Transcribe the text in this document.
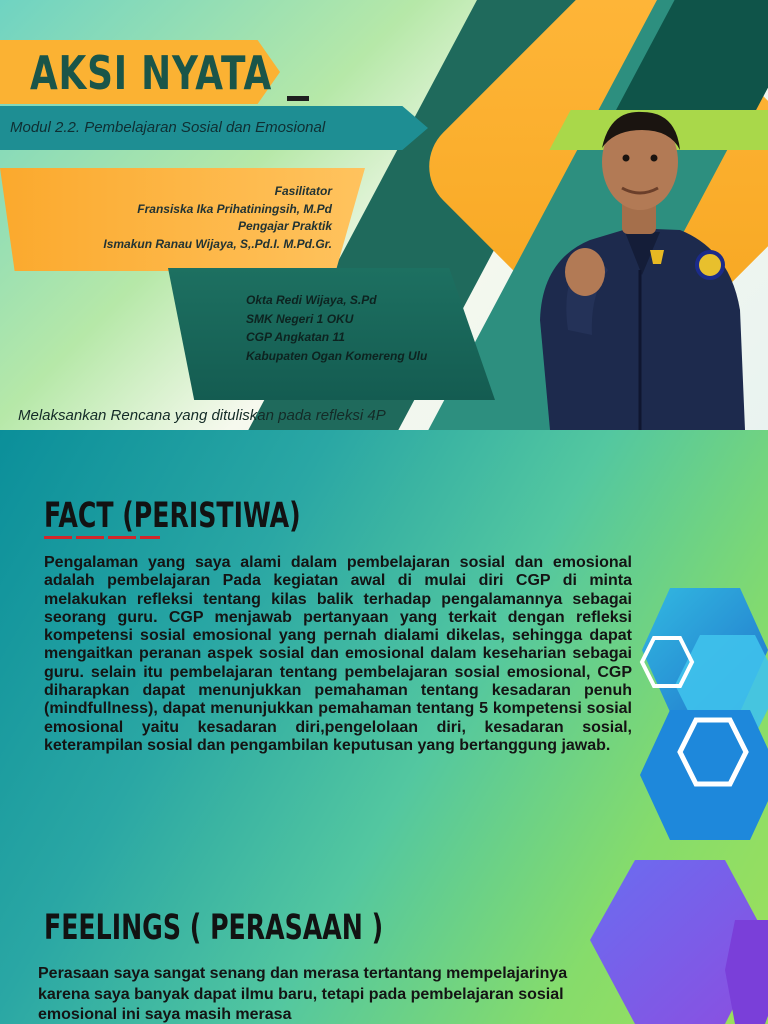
AKSI NYATA
Modul 2.2. Pembelajaran Sosial dan Emosional
Fasilitator
Fransiska Ika Prihatiningsih, M.Pd
Pengajar Praktik
Ismakun Ranau Wijaya, S,.Pd.I. M.Pd.Gr.
Okta Redi Wijaya, S.Pd
SMK Negeri 1 OKU
CGP Angkatan 11
Kabupaten Ogan Komereng Ulu
Melaksankan Rencana yang dituliskan pada refleksi 4P
FACT (PERISTIWA)
Pengalaman yang saya alami dalam pembelajaran sosial dan emosional adalah pembelajaran Pada kegiatan awal di mulai diri CGP di minta melakukan refleksi tentang kilas balik terhadap pengalamannya sebagai seorang guru. CGP menjawab pertanyaan yang terkait dengan refleksi kompetensi sosial emosional yang pernah dialami dikelas, sehingga dapat mengaitkan peranan aspek sosial dan emosional dalam keseharian sebagai guru. selain itu pembelajaran tentang pembelajaran sosial emosional, CGP diharapkan dapat menunjukkan pemahaman tentang kesadaran penuh (mindfullness), dapat menunjukkan pemahaman tentang 5 kompetensi sosial emosional yaitu kesadaran diri,pengelolaan diri, kesadaran sosial, keterampilan sosial dan pengambilan keputusan yang bertanggung jawab.
FEELINGS ( PERASAAN )
Perasaan saya sangat senang dan merasa tertantang mempelajarinya karena saya banyak dapat ilmu baru, tetapi pada pembelajaran sosial emosional ini saya masih merasa
